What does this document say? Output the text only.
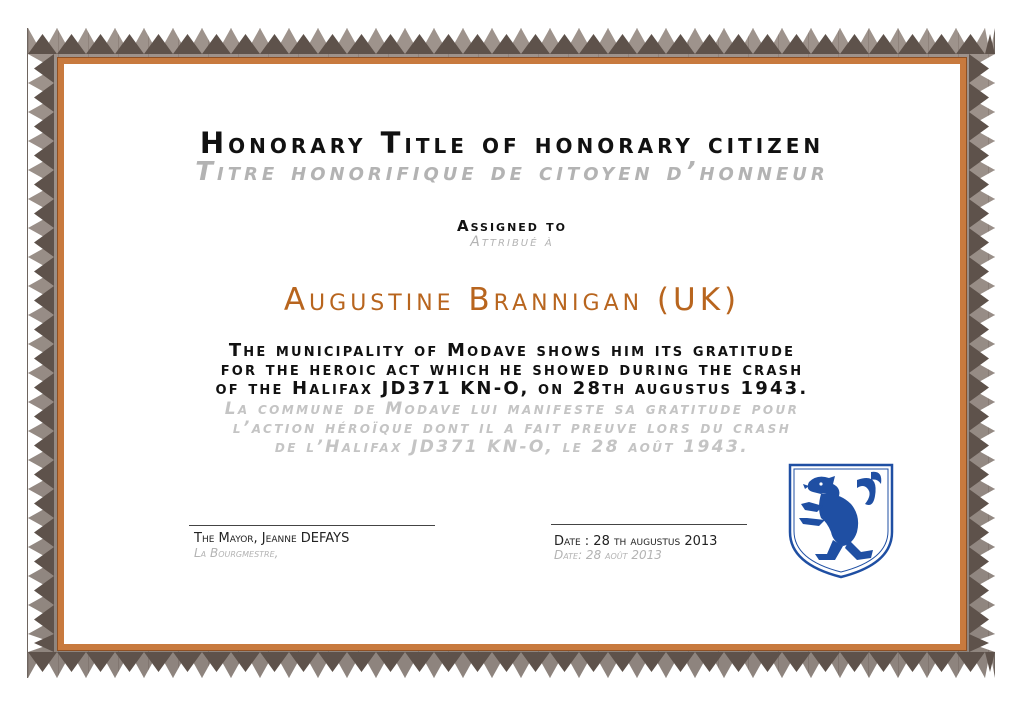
Honorary Title of honorary citizen
Titre honorifique de citoyen d’honneur
Assigned to
Attribué à
Augustine Brannigan (UK)
The municipality of Modave shows him its gratitude
for the heroic act which he showed during the crash
of the Halifax JD371 KN-O, on 28th augustus 1943.
La commune de Modave lui manifeste sa gratitude pour
l’action héroïque dont il a fait preuve lors du crash
de l’Halifax JD371 KN-O, le 28 août 1943.
The Mayor, Jeanne DEFAYS
La Bourgmestre,
Date : 28 th augustus 2013
Date: 28 août 2013
